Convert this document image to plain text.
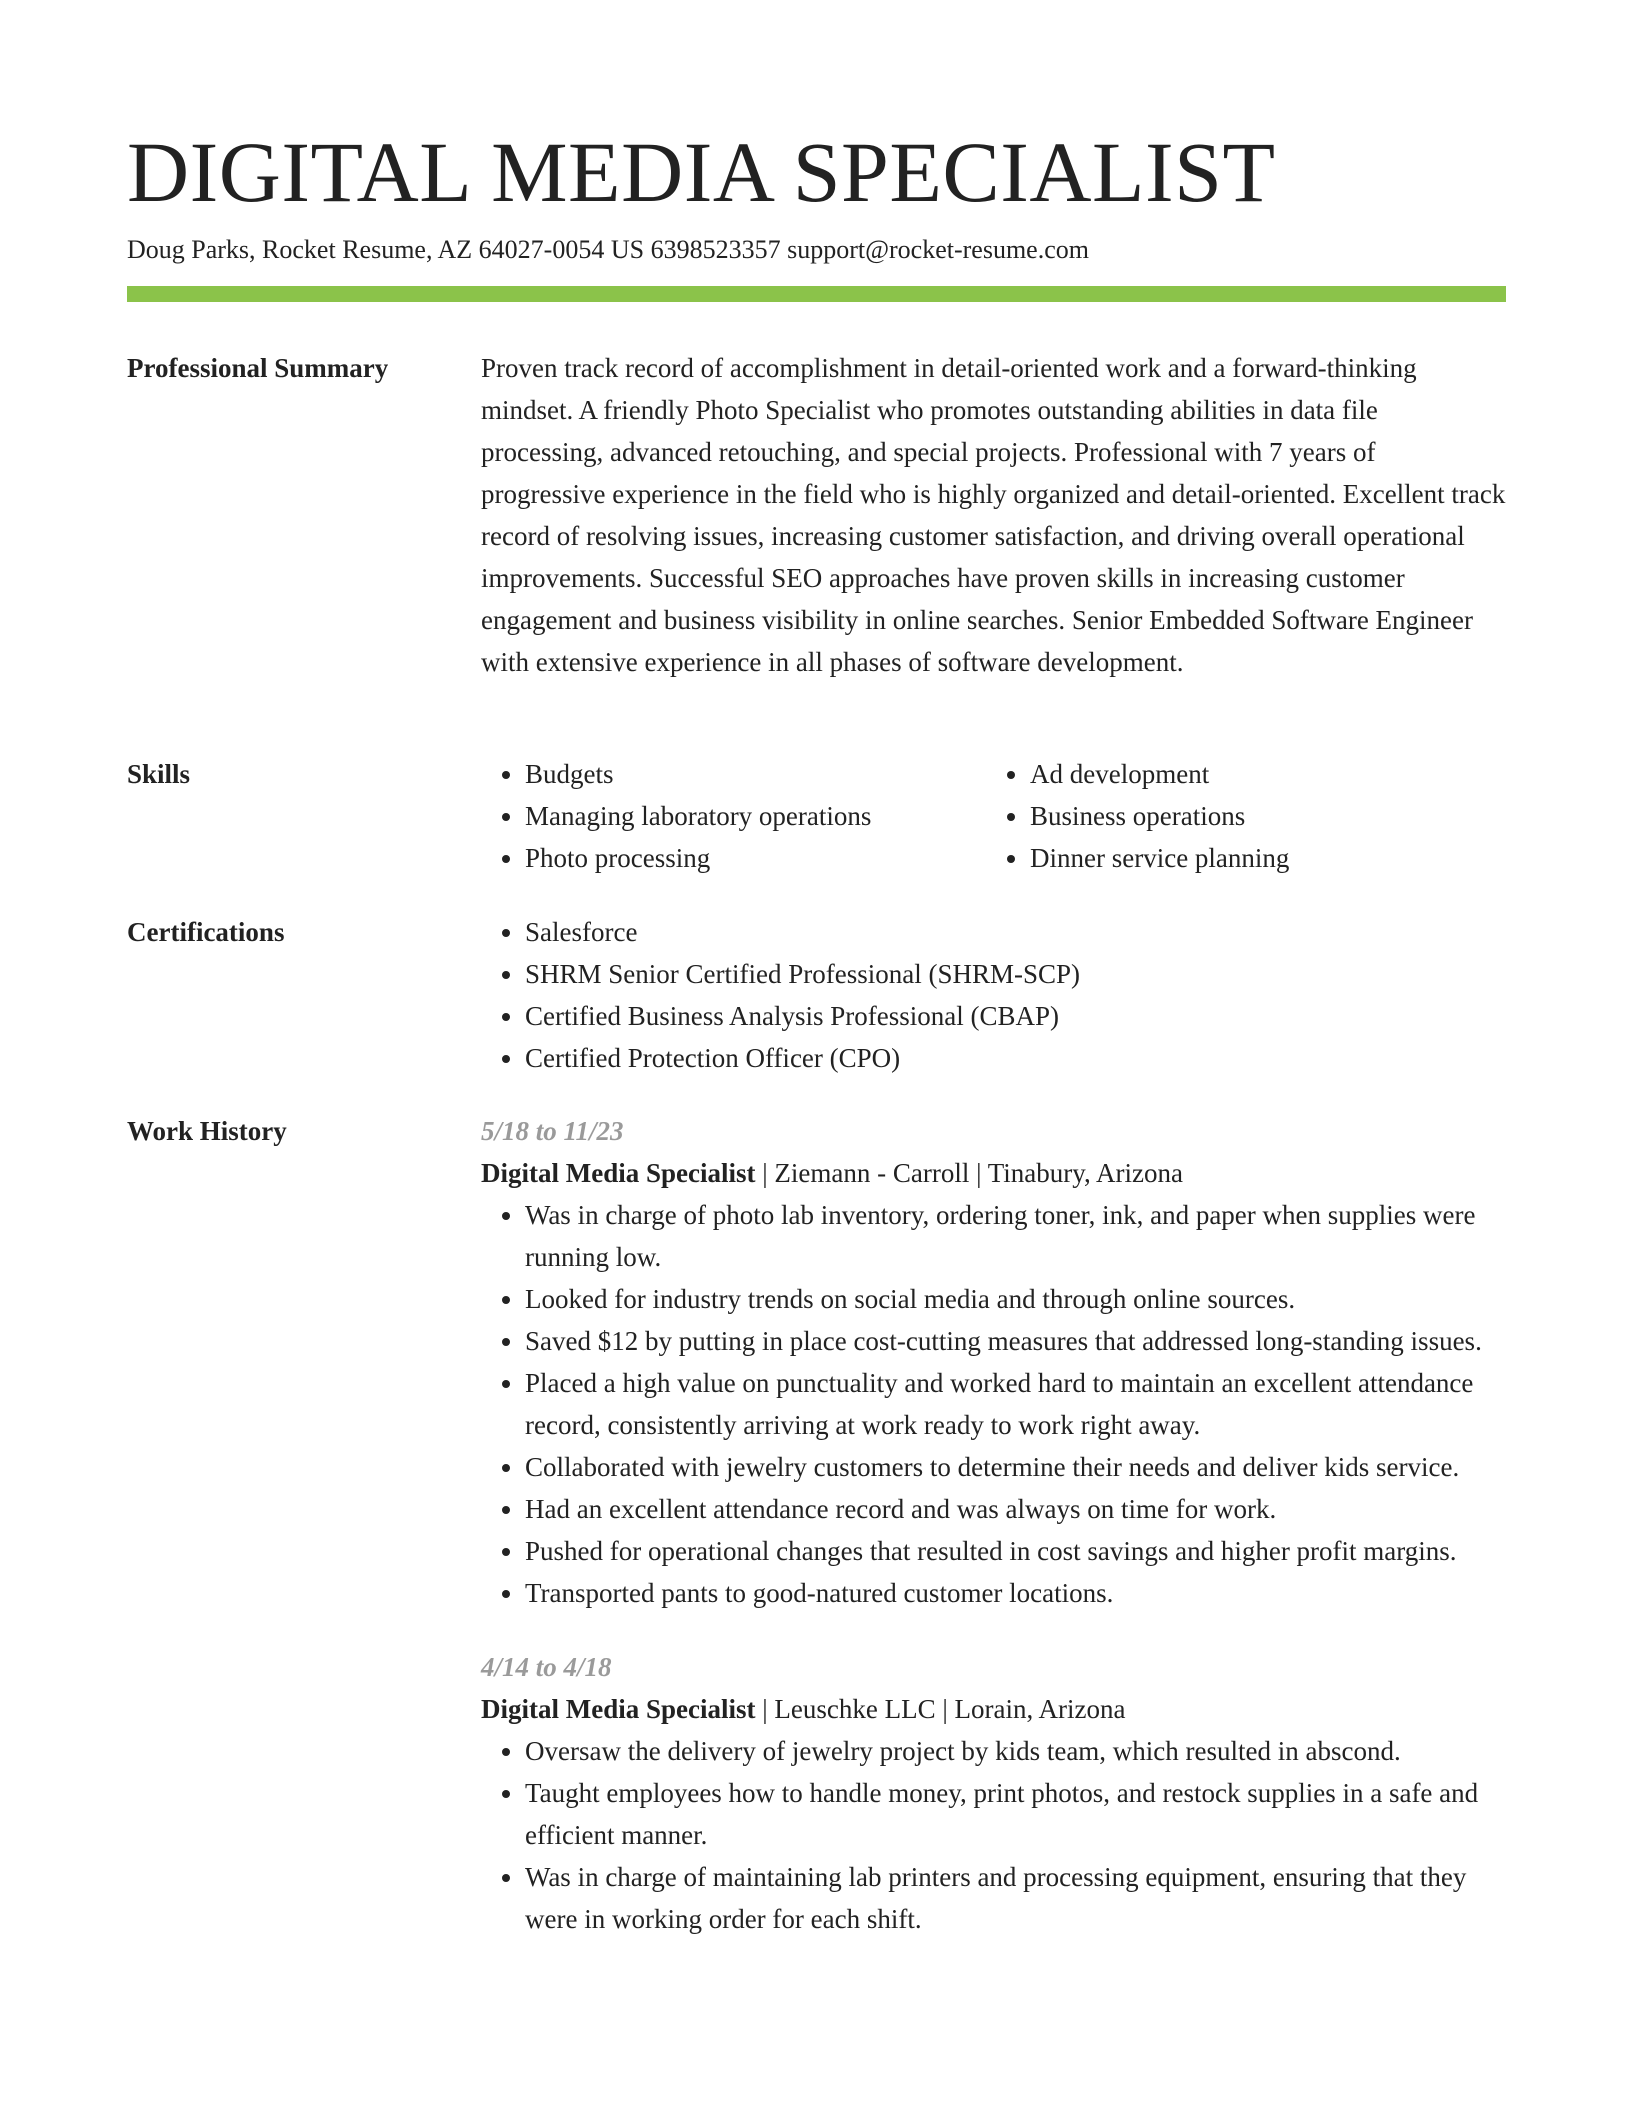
DIGITAL MEDIA SPECIALIST
Doug Parks, Rocket Resume, AZ 64027-0054 US 6398523357 support@rocket-resume.com
Professional Summary	Proven track record of accomplishment in detail-oriented work and a forward-thinking mindset. A friendly Photo Specialist who promotes outstanding abilities in data file processing, advanced retouching, and special projects. Professional with 7 years of progressive experience in the field who is highly organized and detail-oriented. Excellent track record of resolving issues, increasing customer satisfaction, and driving overall operational improvements. Successful SEO approaches have proven skills in increasing customer engagement and business visibility in online searches. Senior Embedded Software Engineer with extensive experience in all phases of software development.

Skills	• Budgets
• Managing laboratory operations
• Photo processing
• Ad development
• Business operations
• Dinner service planning
Certifications	• Salesforce
• SHRM Senior Certified Professional (SHRM-SCP)
• Certified Business Analysis Professional (CBAP)
• Certified Protection Officer (CPO)
Work History	5/18 to 11/23
Digital Media Specialist | Ziemann - Carroll | Tinabury, Arizona
• Was in charge of photo lab inventory, ordering toner, ink, and paper when supplies were running low.
• Looked for industry trends on social media and through online sources.
• Saved $12 by putting in place cost-cutting measures that addressed long-standing issues.
• Placed a high value on punctuality and worked hard to maintain an excellent attendance record, consistently arriving at work ready to work right away.
• Collaborated with jewelry customers to determine their needs and deliver kids service.
• Had an excellent attendance record and was always on time for work.
• Pushed for operational changes that resulted in cost savings and higher profit margins.
• Transported pants to good-natured customer locations.
4/14 to 4/18
Digital Media Specialist | Leuschke LLC | Lorain, Arizona
• Oversaw the delivery of jewelry project by kids team, which resulted in abscond.
• Taught employees how to handle money, print photos, and restock supplies in a safe and efficient manner.
• Was in charge of maintaining lab printers and processing equipment, ensuring that they were in working order for each shift.
